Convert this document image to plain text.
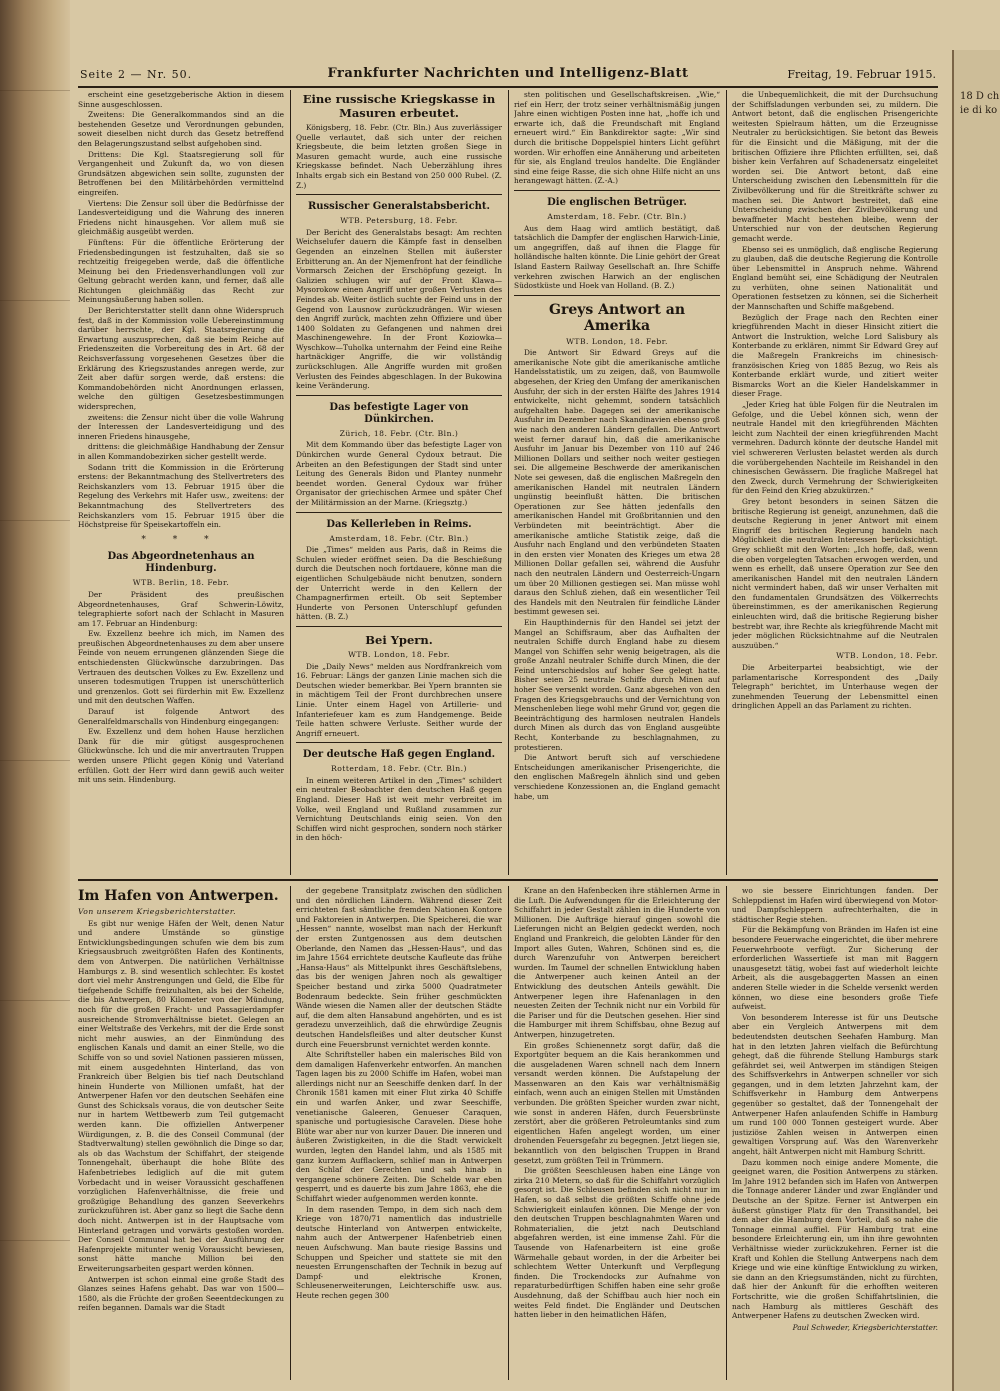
18 D ch ie di ko
Seite 2 — Nr. 50.	Frankfurter Nachrichten und Intelligenz-Blatt	Freitag, 19. Februar 1915.

erscheint eine gesetzgeberische Aktion in diesem Sinne ausgeschlossen.

Zweitens: Die Generalkommandos sind an die bestehenden Gesetze und Verordnungen gebunden, soweit dieselben nicht durch das Gesetz betreffend den Belagerungszustand selbst aufgehoben sind.

Drittens: Die Kgl. Staatsregierung soll für Vergangenheit und Zukunft da, wo von diesen Grundsätzen abgewichen sein sollte, zugunsten der Betroffenen bei den Militärbehörden vermittelnd eingreifen.

Viertens: Die Zensur soll über die Bedürfnisse der Landesverteidigung und die Wahrung des inneren Friedens nicht hinausgehen. Vor allem muß sie gleichmäßig ausgeübt werden.

Fünftens: Für die öffentliche Erörterung der Friedensbedingungen ist festzuhalten, daß sie so rechtzeitig freigegeben werde, daß die öffentliche Meinung bei den Friedensverhandlungen voll zur Geltung gebracht werden kann, und ferner, daß alle Richtungen gleichmäßig das Recht zur Meinungsäußerung haben sollen.

Der Berichterstatter stellt dann ohne Widerspruch fest, daß in der Kommission volle Uebereinstimmung darüber herrschte, der Kgl. Staatsregierung die Erwartung auszusprechen, daß sie beim Reiche auf Friedenszeiten die Vorbereitung des in Art. 68 der Reichsverfassung vorgesehenen Gesetzes über die Erklärung des Kriegszustandes anregen werde, zur Zeit aber dafür sorgen werde, daß erstens: die Kommandobehörden nicht Anordnungen erlassen, welche den gültigen Gesetzesbestimmungen widersprechen,

zweitens: die Zensur nicht über die volle Wahrung der Interessen der Landesverteidigung und des inneren Friedens hinausgehe,

drittens: die gleichmäßige Handhabung der Zensur in allen Kommandobezirken sicher gestellt werde.

Sodann tritt die Kommission in die Erörterung erstens: der Bekanntmachung des Stellvertreters des Reichskanzlers vom 13. Februar 1915 über die Regelung des Verkehrs mit Hafer usw., zweitens: der Bekanntmachung des Stellvertreters des Reichskanzlers vom 15. Februar 1915 über die Höchstpreise für Speisekartoffeln ein.

* * *
Das Abgeordnetenhaus an Hindenburg.
WTB. Berlin, 18. Febr.

Der Präsident des preußischen Abgeordnetenhauses, Graf Schwerin-Löwitz, telegraphierte sofort nach der Schlacht in Masuren am 17. Februar an Hindenburg:

Ew. Exzellenz beehre ich mich, im Namen des preußischen Abgeordnetenhauses zu dem aber unsere Feinde von neuem errungenen glänzenden Siege die entschiedensten Glückwünsche darzubringen. Das Vertrauen des deutschen Volkes zu Ew. Exzellenz und unseren todesmutigen Truppen ist unerschütterlich und grenzenlos. Gott sei fürderhin mit Ew. Exzellenz und mit den deutschen Waffen.

Darauf ist folgende Antwort des Generalfeldmarschalls von Hindenburg eingegangen:

Ew. Exzellenz und dem hohen Hause herzlichen Dank für die mir gütigst ausgesprochenen Glückwünsche. Ich und die mir anvertrauten Truppen werden unsere Pflicht gegen König und Vaterland erfüllen. Gott der Herr wird dann gewiß auch weiter mit uns sein. Hindenburg.

Eine russische Kriegskasse in Masuren erbeutet.

Königsberg, 18. Febr. (Ctr. Bln.) Aus zuverlässiger Quelle verlautet, daß sich unter der reichen Kriegsbeute, die beim letzten großen Siege in Masuren gemacht wurde, auch eine russische Kriegskasse befindet. Nach Ueberzählung ihres Inhalts ergab sich ein Bestand von 250 000 Rubel. (Z. Z.)

Russischer Generalstabsbericht.
WTB. Petersburg, 18. Febr.

Der Bericht des Generalstabs besagt: Am rechten Weichselufer dauern die Kämpfe fast in denselben Gegenden an einzelnen Stellen mit äußerster Erbitterung an. An der Njemenfront hat der feindliche Vormarsch Zeichen der Erschöpfung gezeigt. In Galizien schlugen wir auf der Front Klawa—Mysorokow einen Angriff unter großen Verlusten des Feindes ab. Weiter östlich suchte der Feind uns in der Gegend von Lausnow zurückzudrängen. Wir wiesen den Angriff zurück, machten zehn Offiziere und über 1400 Soldaten zu Gefangenen und nahmen drei Maschinengewehre. In der Front Koziowka—Wyschkow—Tuholka unternahm der Feind eine Reihe hartnäckiger Angriffe, die wir vollständig zurückschlugen. Alle Angriffe wurden mit großen Verlusten des Feindes abgeschlagen. In der Bukowina keine Veränderung.

Das befestigte Lager von Dünkirchen.
Zürich, 18. Febr. (Ctr. Bln.)

Mit dem Kommando über das befestigte Lager von Dünkirchen wurde General Cydoux betraut. Die Arbeiten an den Befestigungen der Stadt sind unter Leitung des Generals Bidon und Plantey nunmehr beendet worden. General Cydoux war früher Organisator der griechischen Armee und später Chef der Militärmission an der Marne. (Kriegsztg.)

Das Kellerleben in Reims.
Amsterdam, 18. Febr. (Ctr. Bln.)

Die „Times“ melden aus Paris, daß in Reims die Schulen wieder eröffnet seien. Da die Beschießung durch die Deutschen noch fortdauere, könne man die eigentlichen Schulgebäude nicht benutzen, sondern der Unterricht werde in den Kellern der Champagnerfirmen erteilt. Ob seit September Hunderte von Personen Unterschlupf gefunden hätten. (B. Z.)

Bei Ypern.
WTB. London, 18. Febr.

Die „Daily News“ melden aus Nordfrankreich vom 16. Februar: Längs der ganzen Linie machen sich die Deutschen wieder bemerkbar. Bei Ypern brannten sie in mächtigem Teil der Front durchbrechen unsere Linie. Unter einem Hagel von Artillerie- und Infanteriefeuer kam es zum Handgemenge. Beide Teile hatten schwere Verluste. Seither wurde der Angriff erneuert.

Der deutsche Haß gegen England.
Rotterdam, 18. Febr. (Ctr. Bln.)

In einem weiteren Artikel in den „Times“ schildert ein neutraler Beobachter den deutschen Haß gegen England. Dieser Haß ist weit mehr verbreitet im Volke, weil England und Rußland zusammen zur Vernichtung Deutschlands einig seien. Von den Schiffen wird nicht gesprochen, sondern noch stärker in den höch-

sten politischen und Gesellschaftskreisen. „Wie,“ rief ein Herr, der trotz seiner verhältnismäßig jungen Jahre einen wichtigen Posten inne hat, „hoffe ich und erwarte ich, daß die Freundschaft mit England erneuert wird.“ Ein Bankdirektor sagte: „Wir sind durch die britische Doppelspiel hinters Licht geführt worden. Wir erhoffen eine Annäherung und arbeiteten für sie, als England treulos handelte. Die Engländer sind eine feige Rasse, die sich ohne Hilfe nicht an uns herangewagt hätten. (Z.-A.)

Die englischen Betrüger.
Amsterdam, 18. Febr. (Ctr. Bln.)

Aus dem Haag wird amtlich bestätigt, daß tatsächlich die Dampfer der englischen Harwich-Linie, um angegriffen, daß auf ihnen die Flagge für holländische halten könnte. Die Linie gehört der Great Island Eastern Railway Gesellschaft an. Ihre Schiffe verkehren zwischen Harwich an der englischen Südostküste und Hoek van Holland. (B. Z.)

Greys Antwort an Amerika
WTB. London, 18. Febr.

Die Antwort Sir Edward Greys auf die amerikanische Note gibt die amerikanische amtliche Handelsstatistik, um zu zeigen, daß, von Baumwolle abgesehen, der Krieg den Umfang der amerikanischen Ausfuhr, der sich in der ersten Hälfte des Jahres 1914 entwickelte, nicht gehemmt, sondern tatsächlich aufgehalten habe. Dagegen sei der amerikanische Ausfuhr im Dezember nach Skandinavien ebenso groß wie nach den anderen Ländern gefallen. Die Antwort weist ferner darauf hin, daß die amerikanische Ausfuhr im Januar bis Dezember von 110 auf 246 Millionen Dollars und seither noch weiter gestiegen sei. Die allgemeine Beschwerde der amerikanischen Note sei gewesen, daß die englischen Maßregeln den amerikanischen Handel mit neutralen Ländern ungünstig beeinflußt hätten. Die britischen Operationen zur See hätten jedenfalls den amerikanischen Handel mit Großbritannien und den Verbündeten mit beeinträchtigt. Aber die amerikanische amtliche Statistik zeige, daß die Ausfuhr nach England und den verbündeten Staaten in den ersten vier Monaten des Krieges um etwa 28 Millionen Dollar gefallen sei, während die Ausfuhr nach den neutralen Ländern und Oesterreich-Ungarn um über 20 Millionen gestiegen sei. Man müsse wohl daraus den Schluß ziehen, daß ein wesentlicher Teil des Handels mit den Neutralen für feindliche Länder bestimmt gewesen sei.

Ein Haupthindernis für den Handel sei jetzt der Mangel an Schiffsraum, aber das Aufhalten der neutralen Schiffe durch England habe zu diesem Mangel von Schiffen sehr wenig beigetragen, als die große Anzahl neutraler Schiffe durch Minen, die der Feind unterschiedslos auf hoher See gelegt hatte. Bisher seien 25 neutrale Schiffe durch Minen auf hoher See versenkt worden. Ganz abgesehen von den Fragen des Kriegsgebrauchs und der Vernichtung von Menschenleben liege wohl mehr Grund vor, gegen die Beeinträchtigung des harmlosen neutralen Handels durch Minen als durch das von England ausgeübte Recht, Konterbande zu beschlagnahmen, zu protestieren.

Die Antwort beruft sich auf verschiedene Entscheidungen amerikanischer Prisengerichte, die den englischen Maßregeln ähnlich sind und geben verschiedene Konzessionen an, die England gemacht habe, um

die Unbequemlichkeit, die mit der Durchsuchung der Schiffsladungen verbunden sei, zu mildern. Die Antwort betont, daß die englischen Prisengerichte weitesten Spielraum hätten, um die Erzeugnisse Neutraler zu berücksichtigen. Sie betont das Beweis für die Einsicht und die Mäßigung, mit der die britischen Offiziere ihre Pflichten erfüllten, sei, daß bisher kein Verfahren auf Schadenersatz eingeleitet worden sei. Die Antwort betont, daß eine Unterscheidung zwischen den Lebensmitteln für die Zivilbevölkerung und für die Streitkräfte schwer zu machen sei. Die Antwort bestreitet, daß eine Unterscheidung zwischen der Zivilbevölkerung und bewaffneter Macht bestehen bleibe, wenn der Unterschied nur von der deutschen Regierung gemacht werde.

Ebenso sei es unmöglich, daß englische Regierung zu glauben, daß die deutsche Regierung die Kontrolle über Lebensmittel in Anspruch nehme. Während England bemüht sei, eine Schädigung der Neutralen zu verhüten, ohne seinen Nationalität und Operationen festsetzen zu können, sei die Sicherheit der Mannschaften und Schiffe maßgebend.

Bezüglich der Frage nach den Rechten einer kriegführenden Macht in dieser Hinsicht zitiert die Antwort die Instruktion, welche Lord Salisbury als Konterbande zu erklären, nimmt Sir Edward Grey auf die Maßregeln Frankreichs im chinesisch-französischen Krieg von 1885 Bezug, wo Reis als Konterbande erklärt wurde, und zitiert weiter Bismarcks Wort an die Kieler Handelskammer in dieser Frage.

„Jeder Krieg hat üble Folgen für die Neutralen im Gefolge, und die Uebel können sich, wenn der neutrale Handel mit den kriegführenden Mächten leicht zum Nachteil der einen kriegführenden Macht vermehren. Dadurch könnte der deutsche Handel mit viel schwereren Verlusten belastet werden als durch die vorübergehenden Nachteile im Reishandel in den chinesischen Gewässern. Die fragliche Maßregel hat den Zweck, durch Vermehrung der Schwierigkeiten für den Feind den Krieg abzukürzen.“

Grey betont besonders in seinen Sätzen die britische Regierung ist geneigt, anzunehmen, daß die deutsche Regierung in jener Antwort mit einem Eingriff des britischen Regierung handeln nach Möglichkeit die neutralen Interessen berücksichtigt. Grey schließt mit den Worten: „Ich hoffe, daß, wenn die oben vorgelegten Tatsachen erwogen werden, und wenn es erhellt, daß unsere Operation zur See den amerikanischen Handel mit den neutralen Ländern nicht vermindert haben, daß wir unser Verhalten mit den fundamentalen Grundsätzen des Völkerrechts übereinstimmen, es der amerikanischen Regierung einleuchten wird, daß die britische Regierung bisher bestrebt war, ihre Rechte als kriegführende Macht mit jeder möglichen Rücksichtnahme auf die Neutralen auszuüben.“

WTB. London, 18. Febr.

Die Arbeiterpartei beabsichtigt, wie der parlamentarische Korrespondent des „Daily Telegraph“ berichtet, im Unterhause wegen der zunehmenden Teuerung der Lebensmittel einen dringlichen Appell an das Parlament zu richten.

Im Hafen von Antwerpen.
Von unserem Kriegsberichterstatter.

Es gibt nur wenige Häfen der Welt, denen Natur und andere Umstände so günstige Entwicklungsbedingungen schufen wie dem bis zum Kriegsausbruch zweitgrößten Hafen des Kontinents, dem von Antwerpen. Die natürlichen Verhältnisse Hamburgs z. B. sind wesentlich schlechter. Es kostet dort viel mehr Anstrengungen und Geld, die Elbe für tiefgehende Schiffe freizuhalten, als bei der Schelde, die bis Antwerpen, 80 Kilometer von der Mündung, noch für die großen Fracht- und Passagierdampfer ausreichende Stromverhältnisse bietet. Gelegen an einer Weltstraße des Verkehrs, mit der die Erde sonst nicht mehr auswies, an der Einmündung des englischen Kanals und damit an einer Stelle, wo die Schiffe von so und soviel Nationen passieren müssen, mit einem ausgedehnten Hinterland, das von Frankreich über Belgien bis tief nach Deutschland hinein Hunderte von Millionen umfaßt, hat der Antwerpener Hafen vor den deutschen Seehäfen eine Gunst des Schicksals voraus, die von deutscher Seite nur in hartem Wettbewerb zum Teil gutgemacht werden kann. Die offiziellen Antwerpener Würdigungen, z. B. die des Conseil Communal (der Stadtverwaltung) stellen gewöhnlich die Dinge so dar, als ob das Wachstum der Schiffahrt, der steigende Tonnengehalt, überhaupt die hohe Blüte des Hafenbetriebes lediglich auf die mit gutem Vorbedacht und in weiser Voraussicht geschaffenen vorzüglichen Hafenverhältnisse, die freie und großzügige Behandlung des ganzen Seeverkehrs zurückzuführen ist. Aber ganz so liegt die Sache denn doch nicht. Antwerpen ist in der Hauptsache vom Hinterland getragen und vorwärts gestoßen worden. Der Conseil Communal hat bei der Ausführung der Hafenprojekte mitunter wenig Voraussicht bewiesen, sonst hätte manche Million bei den Erweiterungsarbeiten gespart werden können.

Antwerpen ist schon einmal eine große Stadt des Glanzes seines Hafens gehabt. Das war von 1500—1580, als die Früchte der großen Seeentdeckungen zu reifen begannen. Damals war die Stadt

der gegebene Transitplatz zwischen den südlichen und den nördlichen Ländern. Während dieser Zeit errichteten fast sämtliche fremden Nationen Kontore und Faktoreien in Antwerpen. Die Speicherei, die war „Hessen“ nannte, woselbst man nach der Herkunft der ersten Zuntgenossen aus dem deutschen Oberlande, den Namen das „Hessen-Haus“, und das im Jahre 1564 errichtete deutsche Kaufleute das frühe „Hansa-Haus“ als Mittelpunkt ihres Geschäftslebens, das bis der wenigen Jahren noch als gewaltiger Speicher bestand und zirka 5000 Quadratmeter Bodenraum bedeckte. Sein früher geschmückten Wände wiesen die Namen aller der deutschen Städte auf, die dem alten Hansabund angehörten, und es ist geradezu unverzeihlich, daß die ehrwürdige Zeugnis deutschen Handelsfleißes und alter deutscher Kunst durch eine Feuersbrunst vernichtet werden konnte.

Alte Schriftsteller haben ein malerisches Bild von dem damaligen Hafenverkehr entworfen. An manchen Tagen lagen bis zu 2000 Schiffe im Hafen, wobei man allerdings nicht nur an Seeschiffe denken darf. In der Chronik 1581 kamen mit einer Flut zirka 40 Schiffe ein und warfen Anker, und zwar Seeschiffe, venetianische Galeeren, Genueser Caraquen, spanische und portugiesische Caravelen. Diese hohe Blüte war aber nur von kurzer Dauer. Die inneren und äußeren Zwistigkeiten, in die die Stadt verwickelt wurden, legten den Handel lahm, und als 1585 mit ganz kurzem Aufflackern, schlief man in Antwerpen den Schlaf der Gerechten und sah hinab in vergangene schönere Zeiten. Die Schelde war eben gesperrt, und es dauerte bis zum Jahre 1863, ehe die Schiffahrt wieder aufgenommen werden konnte.

In dem rasenden Tempo, in dem sich nach dem Kriege von 1870/71 namentlich das industrielle deutsche Hinterland von Antwerpen entwickelte, nahm auch der Antwerpener Hafenbetrieb einen neuen Aufschwung. Man baute riesige Bassins und Schuppen und Speicher und stattete sie mit den neuesten Errungenschaften der Technik in bezug auf Dampf- und elektrische Kronen, Schleusenerweiterungen, Leichterschiffe usw. aus. Heute rechen gegen 300

Krane an den Hafenbecken ihre stählernen Arme in die Luft. Die Aufwendungen für die Erleichterung der Schiffahrt in jeder Gestalt zählen in die Hunderte von Millionen. Die Aufträge hierauf gingen sowohl die Lieferungen nicht an Belgien gedeckt werden, noch England und Frankreich, die gelobten Länder für den Import alles Guten, Wahren, Schönen sind es, die durch Warenzufuhr von Antwerpen bereichert wurden. Im Taumel der schnellen Entwicklung haben die Antwerpener auch keinen Anteil an der Entwicklung des deutschen Anteils gewählt. Die Antwerpener legen ihre Hafenanlagen in den neuesten Zeiten der Technik nicht nur ein Vorbild für die Pariser und für die Deutschen gesehen. Hier sind die Hamburger mit ihrem Schiffsbau, ohne Bezug auf Antwerpen, hinzugetreten.

Ein großes Schienennetz sorgt dafür, daß die Exportgüter bequem an die Kais herankommen und die ausgeladenen Waren schnell nach dem Innern versandt werden können. Die Aufstapelung der Massenwaren an den Kais war verhältnismäßig einfach, wenn auch an einigen Stellen mit Umständen verbunden. Die größten Speicher wurden zwar nicht, wie sonst in anderen Häfen, durch Feuersbrünste zerstört, aber die größeren Petroleumtanks sind zum eigentlichen Hafen angelegt worden, um einer drohenden Feuersgefahr zu begegnen. Jetzt liegen sie, bekanntlich von den belgischen Truppen in Brand gesetzt, zum größten Teil in Trümmern.

Die größten Seeschleusen haben eine Länge von zirka 210 Metern, so daß für die Schiffahrt vorzüglich gesorgt ist. Die Schleusen befinden sich nicht nur im Hafen, so daß selbst die größten Schiffe ohne jede Schwierigkeit einlaufen können. Die Menge der von den deutschen Truppen beschlagnahmten Waren und Rohmaterialien, die jetzt nach Deutschland abgefahren werden, ist eine immense Zahl. Für die Tausende von Hafenarbeitern ist eine große Wärmehalle gebaut worden, in der die Arbeiter bei schlechtem Wetter Unterkunft und Verpflegung finden. Die Trockendocks zur Aufnahme von reparaturbedürftigen Schiffen haben eine sehr große Ausdehnung, daß der Schiffbau auch hier noch ein weites Feld findet. Die Engländer und Deutschen hatten lieber in den heimatlichen Häfen,

wo sie bessere Einrichtungen fanden. Der Schleppdienst im Hafen wird überwiegend von Motor- und Dampfschleppern aufrechterhalten, die in städtischer Regie stehen.

Für die Bekämpfung von Bränden im Hafen ist eine besondere Feuerwache eingerichtet, die über mehrere Feuerwehrboote verfügt. Zur Sicherung der erforderlichen Wassertiefe ist man mit Baggern unausgesetzt tätig, wobei fast auf wiederholt leichte Arbeit, als die ausgebaggerten Massen an einen anderen Stelle wieder in die Schelde versenkt werden können, wo diese eine besonders große Tiefe aufweist.

Von besonderem Interesse ist für uns Deutsche aber ein Vergleich Antwerpens mit dem bedeutendsten deutschen Seehafen Hamburg. Man hat in den letzten Jahren vielfach die Befürchtung gehegt, daß die führende Stellung Hamburgs stark gefährdet sei, weil Antwerpen im ständigen Steigen des Schiffsverkehrs in Antwerpen schneller vor sich gegangen, und in dem letzten Jahrzehnt kam, der Schiffsverkehr in Hamburg dem Antwerpens gegenüber so gestaltet, daß der Tonnengehalt der Antwerpener Hafen anlaufenden Schiffe in Hamburg um rund 100 000 Tonnen gesteigert wurde. Aber justiziöse Zahlen weisen in Antwerpen einen gewaltigen Vorsprung auf. Was den Warenverkehr angeht, hält Antwerpen nicht mit Hamburg Schritt.

Dazu kommen noch einige andere Momente, die geeignet waren, die Position Antwerpens zu stärken. Im Jahre 1912 befanden sich im Hafen von Antwerpen die Tonnage anderer Länder und zwar Engländer und Deutsche an der Spitze. Ferner ist Antwerpen ein äußerst günstiger Platz für den Transithandel, bei dem aber die Hamburg dem Vorteil, daß so nahe die Tonnage einmal auffiel. Für Hamburg trat eine besondere Erleichterung ein, um ihn ihre gewohnten Verhältnisse wieder zurückzukehren. Ferner ist die Kraft und Kohlen die Stellung Antwerpens nach dem Kriege und wie eine künftige Entwicklung zu wirken, sie dann an den Kriegsumständen, nicht zu fürchten, daß hier der Ankunft für die erhofften weiteren Fortschritte, wie die großen Schiffahrtslinien, die nach Hamburg als mittleres Geschäft des Antwerpener Hafens zu deutschen Zwecken wird.

Paul Schweder, Kriegsberichterstatter.
